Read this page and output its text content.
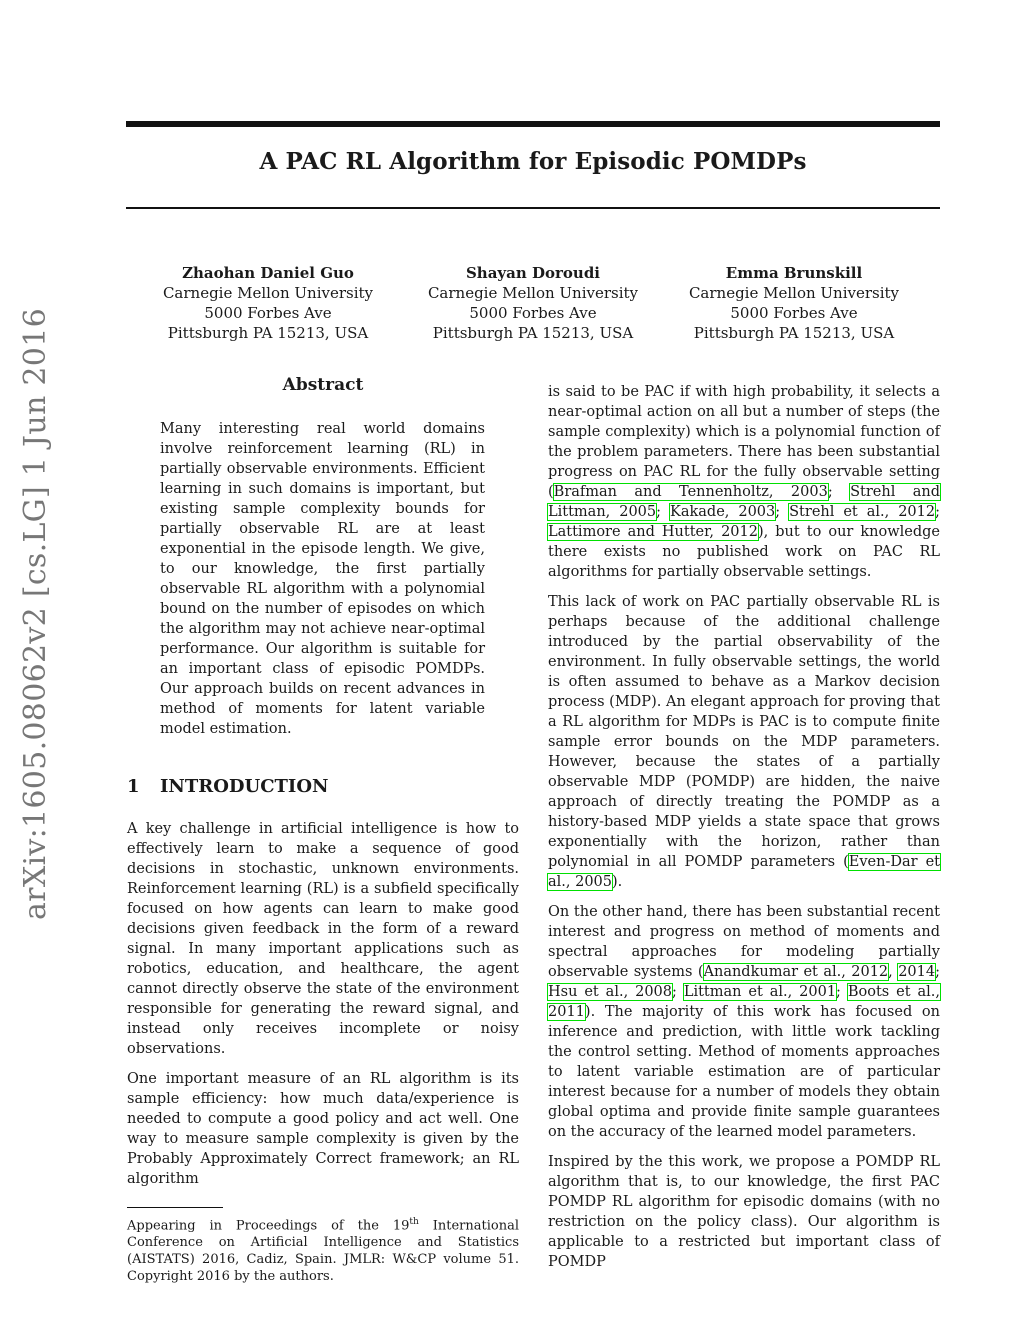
A PAC RL Algorithm for Episodic POMDPs
Zhaohan Daniel Guo
Carnegie Mellon University
5000 Forbes Ave
Pittsburgh PA 15213, USA
Shayan Doroudi
Carnegie Mellon University
5000 Forbes Ave
Pittsburgh PA 15213, USA
Emma Brunskill
Carnegie Mellon University
5000 Forbes Ave
Pittsburgh PA 15213, USA
arXiv:1605.08062v2 [cs.LG] 1 Jun 2016	Abstract
Many interesting real world domains involve reinforcement learning (RL) in partially observable environments. Efficient learning in such domains is important, but existing sample complexity bounds for partially observable RL are at least exponential in the episode length. We give, to our knowledge, the first partially observable RL algorithm with a polynomial bound on the number of episodes on which the algorithm may not achieve near-optimal performance. Our algorithm is suitable for an important class of episodic POMDPs. Our approach builds on recent advances in method of moments for latent variable model estimation.
1 INTRODUCTION

A key challenge in artificial intelligence is how to effectively learn to make a sequence of good decisions in stochastic, unknown environments. Reinforcement learning (RL) is a subfield specifically focused on how agents can learn to make good decisions given feedback in the form of a reward signal. In many important applications such as robotics, education, and healthcare, the agent cannot directly observe the state of the environment responsible for generating the reward signal, and instead only receives incomplete or noisy observations.

One important measure of an RL algorithm is its sample efficiency: how much data/experience is needed to compute a good policy and act well. One way to measure sample complexity is given by the Probably Approximately Correct framework; an RL algorithm

Appearing in Proceedings of the 19th International Conference on Artificial Intelligence and Statistics (AISTATS) 2016, Cadiz, Spain. JMLR: W&CP volume 51. Copyright 2016 by the authors.

is said to be PAC if with high probability, it selects a near-optimal action on all but a number of steps (the sample complexity) which is a polynomial function of the problem parameters. There has been substantial progress on PAC RL for the fully observable setting (Brafman and Tennenholtz, 2003; Strehl and Littman, 2005; Kakade, 2003; Strehl et al., 2012; Lattimore and Hutter, 2012), but to our knowledge there exists no published work on PAC RL algorithms for partially observable settings.

This lack of work on PAC partially observable RL is perhaps because of the additional challenge introduced by the partial observability of the environment. In fully observable settings, the world is often assumed to behave as a Markov decision process (MDP). An elegant approach for proving that a RL algorithm for MDPs is PAC is to compute finite sample error bounds on the MDP parameters. However, because the states of a partially observable MDP (POMDP) are hidden, the naive approach of directly treating the POMDP as a history-based MDP yields a state space that grows exponentially with the horizon, rather than polynomial in all POMDP parameters (Even-Dar et al., 2005).

On the other hand, there has been substantial recent interest and progress on method of moments and spectral approaches for modeling partially observable systems (Anandkumar et al., 2012, 2014; Hsu et al., 2008; Littman et al., 2001; Boots et al., 2011). The majority of this work has focused on inference and prediction, with little work tackling the control setting. Method of moments approaches to latent variable estimation are of particular interest because for a number of models they obtain global optima and provide finite sample guarantees on the accuracy of the learned model parameters.

Inspired by the this work, we propose a POMDP RL algorithm that is, to our knowledge, the first PAC POMDP RL algorithm for episodic domains (with no restriction on the policy class). Our algorithm is applicable to a restricted but important class of POMDP
